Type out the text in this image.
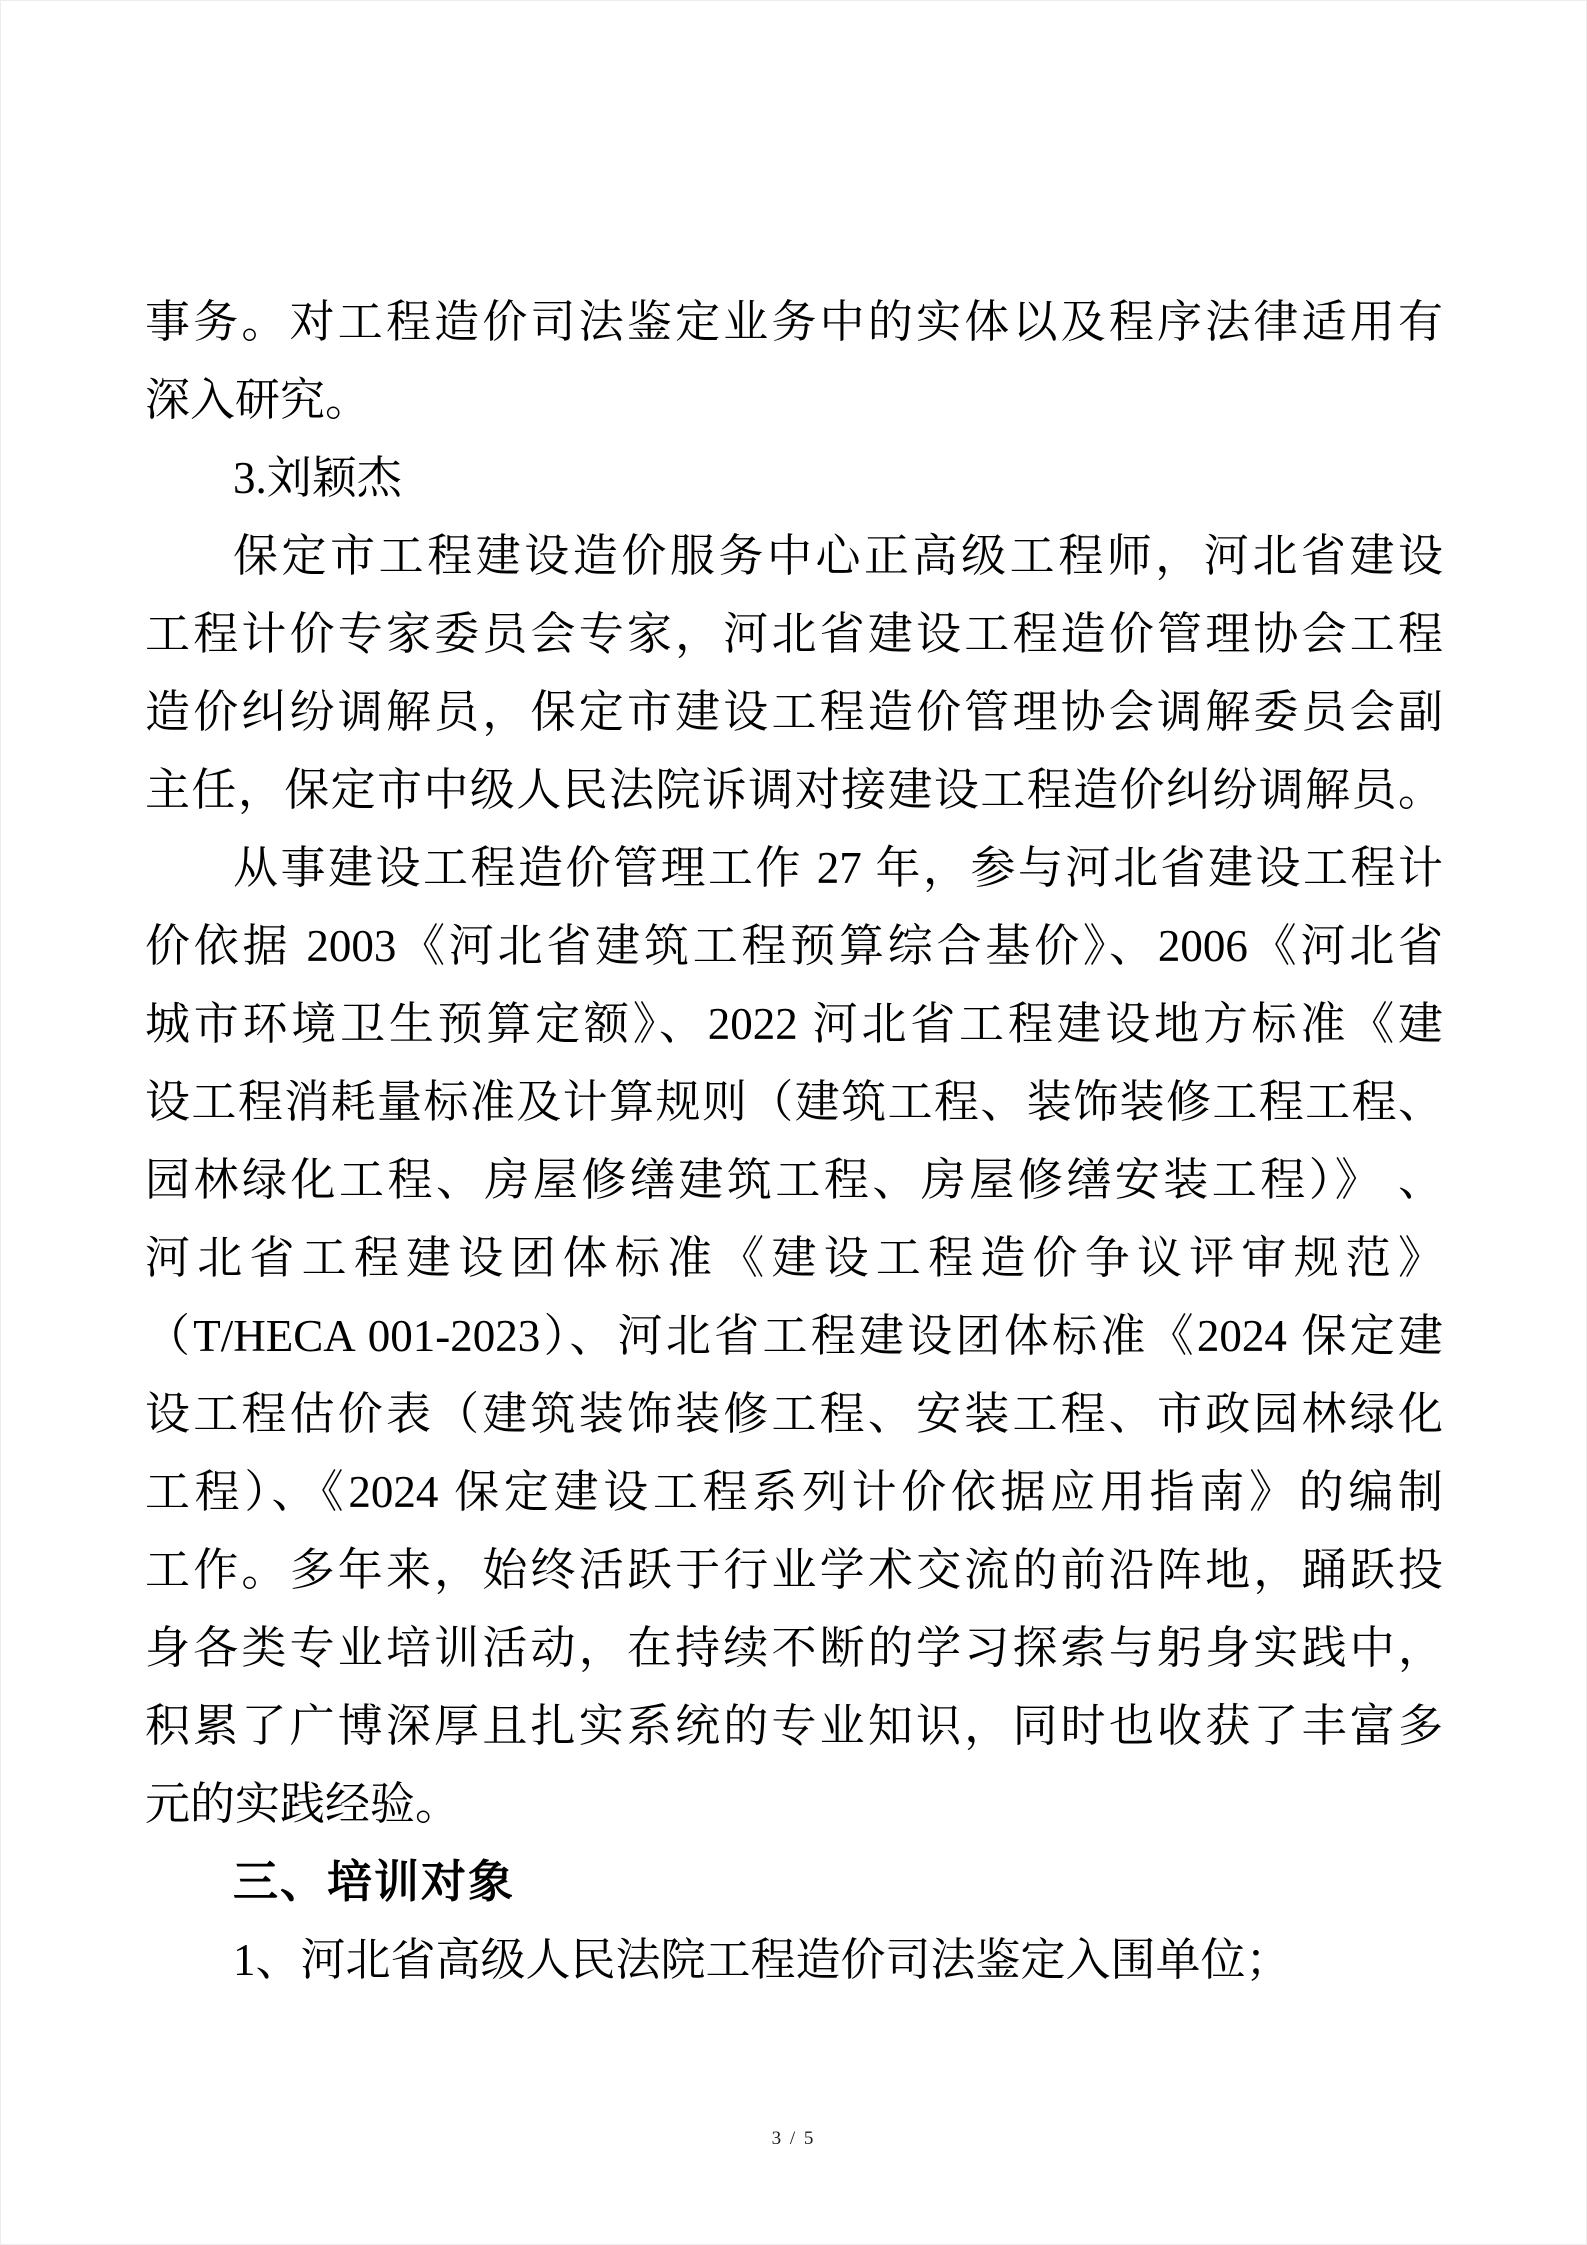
事务。对工程造价司法鉴定业务中的实体以及程序法律适用有
深入研究。
3.刘颖杰
保定市工程建设造价服务中心正高级工程师，河北省建设
工程计价专家委员会专家，河北省建设工程造价管理协会工程
造价纠纷调解员，保定市建设工程造价管理协会调解委员会副
主任，保定市中级人民法院诉调对接建设工程造价纠纷调解员。
从事建设工程造价管理工作 27 年，参与河北省建设工程计
价依据 2003《河北省建筑工程预算综合基价》、2006《河北省
城市环境卫生预算定额》、2022 河北省工程建设地方标准《建
设工程消耗量标准及计算规则（建筑工程、装饰装修工程工程、
园林绿化工程、房屋修缮建筑工程、房屋修缮安装工程）》 、
河北省工程建设团体标准《建设工程造价争议评审规范》
（T/HECA 001-2023）、河北省工程建设团体标准《2024 保定建
设工程估价表（建筑装饰装修工程、安装工程、市政园林绿化
工程）、《2024 保定建设工程系列计价依据应用指南》的编制
工作。多年来，始终活跃于行业学术交流的前沿阵地，踊跃投
身各类专业培训活动，在持续不断的学习探索与躬身实践中，
积累了广博深厚且扎实系统的专业知识，同时也收获了丰富多
元的实践经验。
三、培训对象
1、河北省高级人民法院工程造价司法鉴定入围单位；
3 / 5
